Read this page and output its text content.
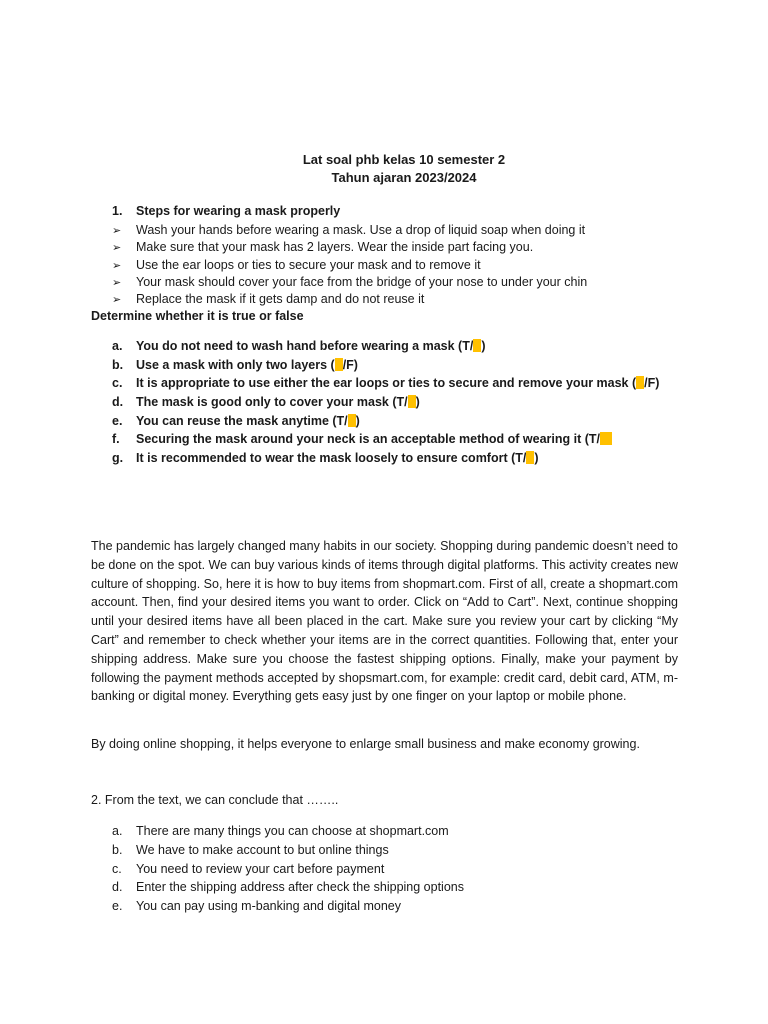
Lat soal phb kelas 10 semester 2
Tahun ajaran 2023/2024
1. Steps for wearing a mask properly
➢ Wash your hands before wearing a mask. Use a drop of liquid soap when doing it
➢ Make sure that your mask has 2 layers. Wear the inside part facing you.
➢ Use the ear loops or ties to secure your mask and to remove it
➢ Your mask should cover your face from the bridge of your nose to under your chin
➢ Replace the mask if it gets damp and do not reuse it
Determine whether it is true or false
a. You do not need to wash hand before wearing a mask (T/ )
b. Use a mask with only two layers ( /F)
c. It is appropriate to use either the ear loops or ties to secure and remove your mask ( /F)
d. The mask is good only to cover your mask (T/ )
e. You can reuse the mask anytime (T/ )
f. Securing the mask around your neck is an acceptable method of wearing it (T/
g. It is recommended to wear the mask loosely to ensure comfort (T/ )

The pandemic has largely changed many habits in our society. Shopping during pandemic doesn’t need to be done on the spot. We can buy various kinds of items through digital platforms. This activity creates new culture of shopping. So, here it is how to buy items from shopmart.com. First of all, create a shopmart.com account. Then, find your desired items you want to order. Click on “Add to Cart”. Next, continue shopping until your desired items have all been placed in the cart. Make sure you review your cart by clicking “My Cart” and remember to check whether your items are in the correct quantities. Following that, enter your shipping address. Make sure you choose the fastest shipping options. Finally, make your payment by following the payment methods accepted by shopsmart.com, for example: credit card, debit card, ATM, m-banking or digital money. Everything gets easy just by one finger on your laptop or mobile phone.

By doing online shopping, it helps everyone to enlarge small business and make economy growing.

2. From the text, we can conclude that ……..
a. There are many things you can choose at shopmart.com
b. We have to make account to but online things
c. You need to review your cart before payment
d. Enter the shipping address after check the shipping options
e. You can pay using m-banking and digital money
